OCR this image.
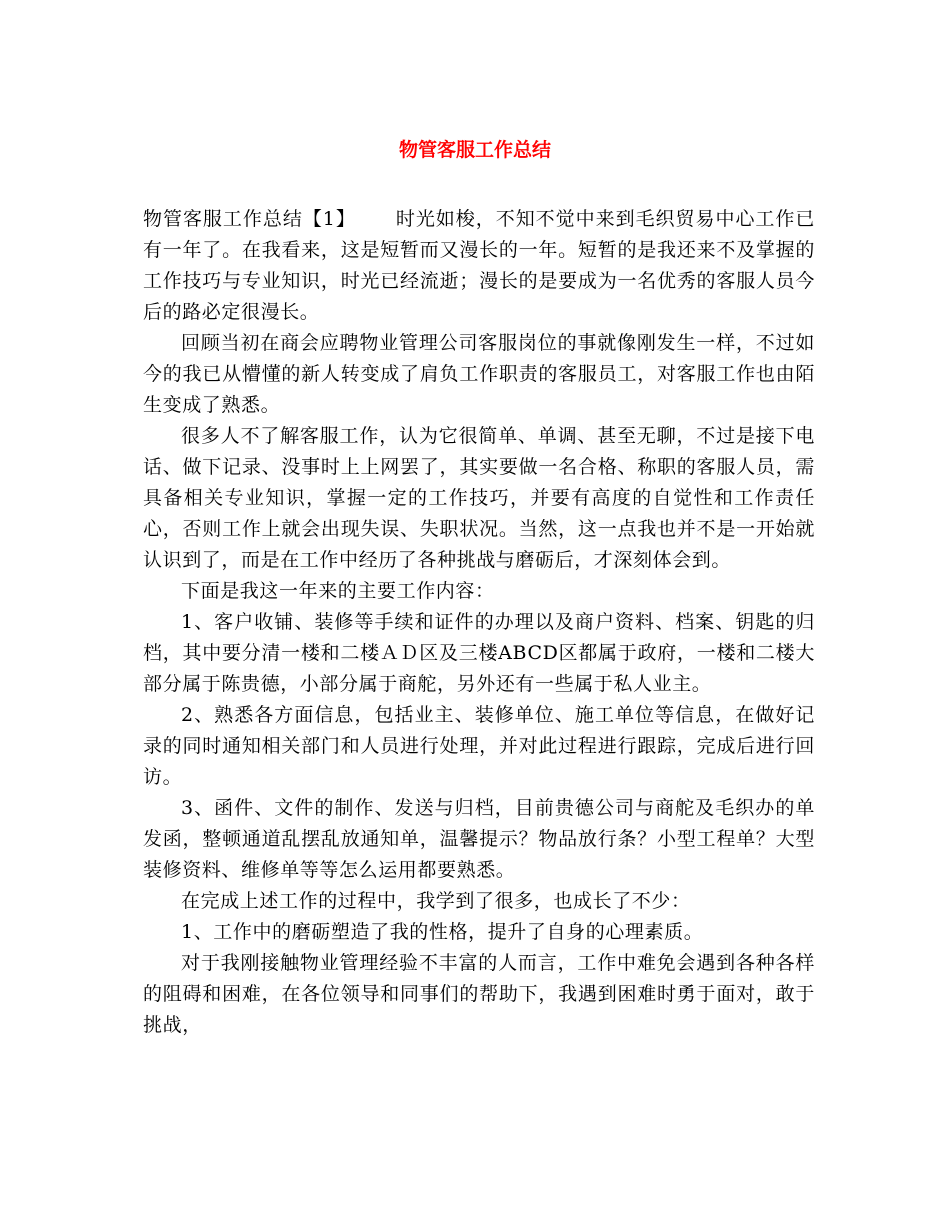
物管客服工作总结

物管客服工作总结【1】 时光如梭，不知不觉中来到毛织贸易中心工作已有一年了。在我看来，这是短暂而又漫长的一年。短暂的是我还来不及掌握的工作技巧与专业知识，时光已经流逝；漫长的是要成为一名优秀的客服人员今后的路必定很漫长。

回顾当初在商会应聘物业管理公司客服岗位的事就像刚发生一样，不过如今的我已从懵懂的新人转变成了肩负工作职责的客服员工，对客服工作也由陌生变成了熟悉。

很多人不了解客服工作，认为它很简单、单调、甚至无聊，不过是接下电话、做下记录、没事时上上网罢了，其实要做一名合格、称职的客服人员，需具备相关专业知识，掌握一定的工作技巧，并要有高度的自觉性和工作责任心，否则工作上就会出现失误、失职状况。当然，这一点我也并不是一开始就认识到了，而是在工作中经历了各种挑战与磨砺后，才深刻体会到。

下面是我这一年来的主要工作内容：

1、客户收铺、装修等手续和证件的办理以及商户资料、档案、钥匙的归档，其中要分清一楼和二楼ＡＤ区及三楼ABCD区都属于政府，一楼和二楼大部分属于陈贵德，小部分属于商舵，另外还有一些属于私人业主。

2、熟悉各方面信息，包括业主、装修单位、施工单位等信息，在做好记录的同时通知相关部门和人员进行处理，并对此过程进行跟踪，完成后进行回访。

3、函件、文件的制作、发送与归档，目前贵德公司与商舵及毛织办的单发函，整顿通道乱摆乱放通知单，温馨提示？物品放行条？小型工程单？大型装修资料、维修单等等怎么运用都要熟悉。

在完成上述工作的过程中，我学到了很多，也成长了不少：

1、工作中的磨砺塑造了我的性格，提升了自身的心理素质。

对于我刚接触物业管理经验不丰富的人而言，工作中难免会遇到各种各样的阻碍和困难，在各位领导和同事们的帮助下，我遇到困难时勇于面对，敢于挑战，
